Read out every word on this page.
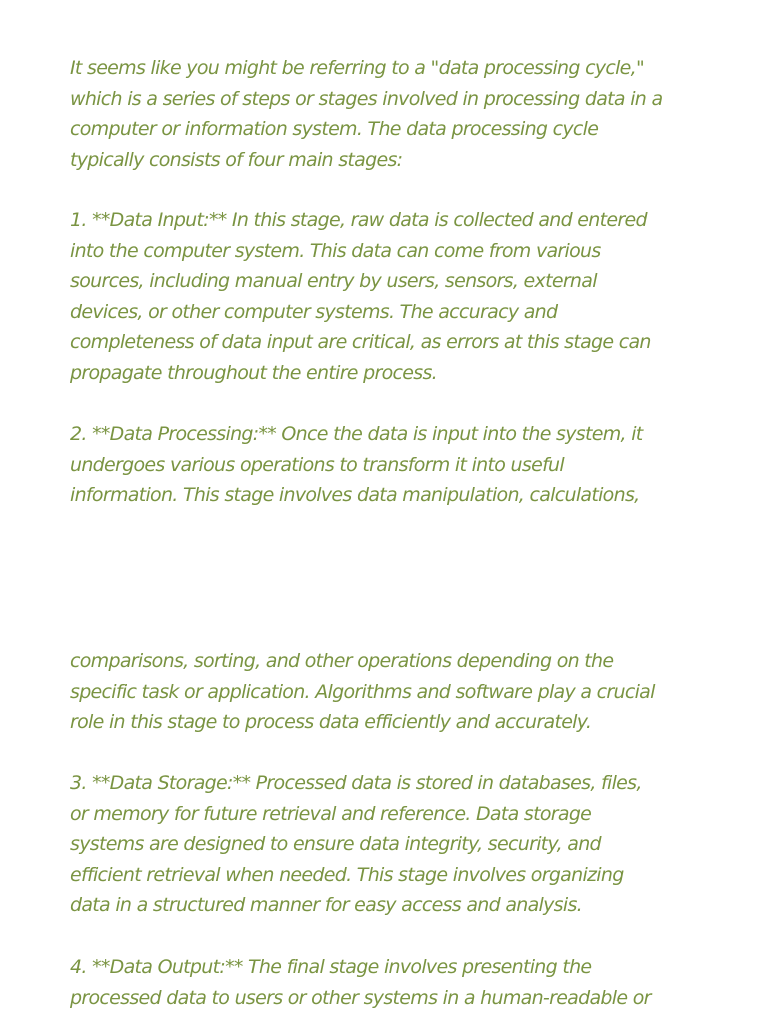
It seems like you might be referring to a "data processing cycle,"
which is a series of steps or stages involved in processing data in a
computer or information system. The data processing cycle
typically consists of four main stages:
1. **Data Input:** In this stage, raw data is collected and entered
into the computer system. This data can come from various
sources, including manual entry by users, sensors, external
devices, or other computer systems. The accuracy and
completeness of data input are critical, as errors at this stage can
propagate throughout the entire process.
2. **Data Processing:** Once the data is input into the system, it
undergoes various operations to transform it into useful
information. This stage involves data manipulation, calculations,
comparisons, sorting, and other operations depending on the
specific task or application. Algorithms and software play a crucial
role in this stage to process data efficiently and accurately.
3. **Data Storage:** Processed data is stored in databases, files,
or memory for future retrieval and reference. Data storage
systems are designed to ensure data integrity, security, and
efficient retrieval when needed. This stage involves organizing
data in a structured manner for easy access and analysis.
4. **Data Output:** The final stage involves presenting the
processed data to users or other systems in a human-readable or
